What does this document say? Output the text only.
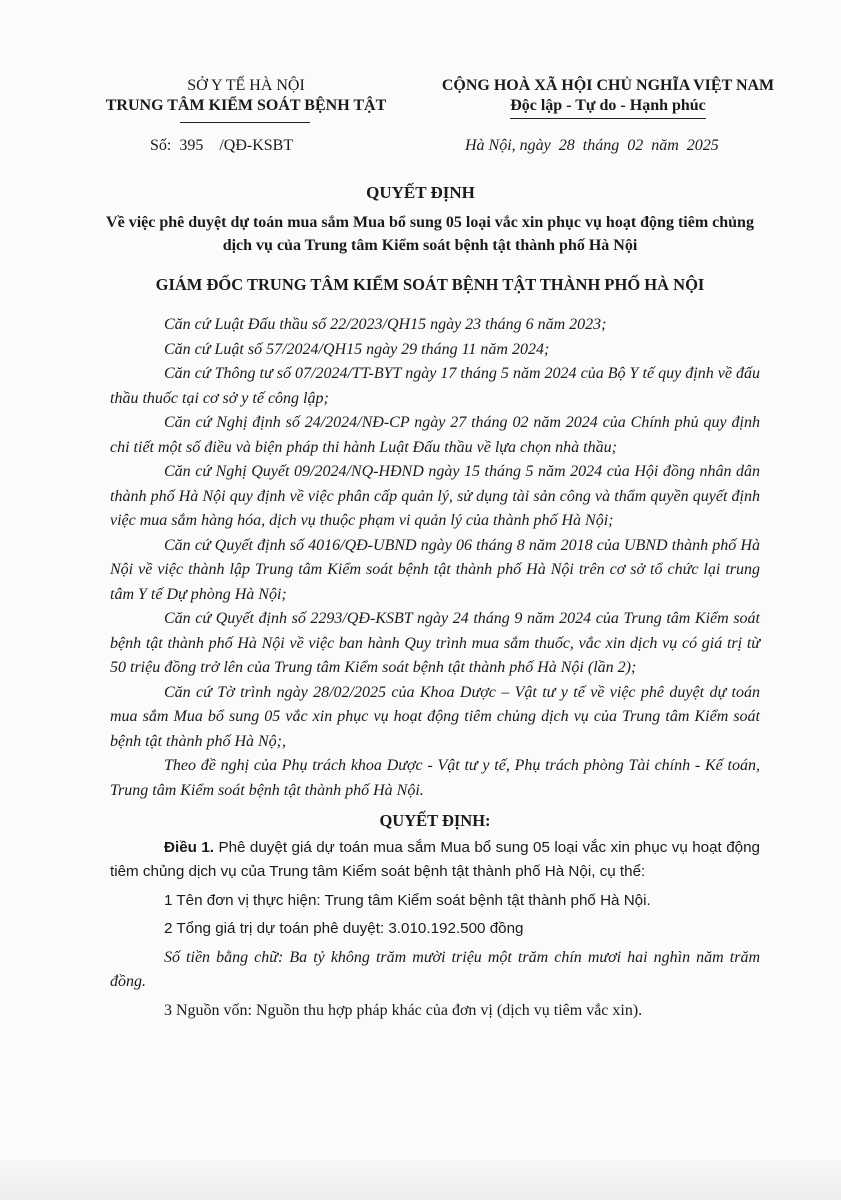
SỞ Y TẾ HÀ NỘI
TRUNG TÂM KIỂM SOÁT BỆNH TẬT
CỘNG HOÀ XÃ HỘI CHỦ NGHĨA VIỆT NAM
Độc lập - Tự do - Hạnh phúc
Số:  395    /QĐ-KSBT	Hà Nội, ngày  28  tháng  02  năm  2025
QUYẾT ĐỊNH
Về việc phê duyệt dự toán mua sắm Mua bổ sung 05 loại vắc xin phục vụ hoạt động tiêm chủng dịch vụ của Trung tâm Kiểm soát bệnh tật thành phố Hà Nội
GIÁM ĐỐC TRUNG TÂM KIỂM SOÁT BỆNH TẬT THÀNH PHỐ HÀ NỘI

Căn cứ Luật Đấu thầu số 22/2023/QH15 ngày 23 tháng 6 năm 2023;

Căn cứ Luật số 57/2024/QH15 ngày 29 tháng 11 năm 2024;

Căn cứ Thông tư số 07/2024/TT-BYT ngày 17 tháng 5 năm 2024 của Bộ Y tế quy định về đấu thầu thuốc tại cơ sở y tế công lập;

Căn cứ Nghị định số 24/2024/NĐ-CP ngày 27 tháng 02 năm 2024 của Chính phủ quy định chi tiết một số điều và biện pháp thi hành Luật Đấu thầu về lựa chọn nhà thầu;

Căn cứ Nghị Quyết 09/2024/NQ-HĐND ngày 15 tháng 5 năm 2024 của Hội đồng nhân dân thành phố Hà Nội quy định về việc phân cấp quản lý, sử dụng tài sản công và thẩm quyền quyết định việc mua sắm hàng hóa, dịch vụ thuộc phạm vi quản lý của thành phố Hà Nội;

Căn cứ Quyết định số 4016/QĐ-UBND ngày 06 tháng 8 năm 2018 của UBND thành phố Hà Nội về việc thành lập Trung tâm Kiểm soát bệnh tật thành phố Hà Nội trên cơ sở tổ chức lại trung tâm Y tế Dự phòng Hà Nội;

Căn cứ Quyết định số 2293/QĐ-KSBT ngày 24 tháng 9 năm 2024 của Trung tâm Kiểm soát bệnh tật thành phố Hà Nội về việc ban hành Quy trình mua sắm thuốc, vắc xin dịch vụ có giá trị từ 50 triệu đồng trở lên của Trung tâm Kiểm soát bệnh tật thành phố Hà Nội (lần 2);

Căn cứ Tờ trình ngày 28/02/2025 của Khoa Dược – Vật tư y tế về việc phê duyệt dự toán mua sắm Mua bổ sung 05 vắc xin phục vụ hoạt động tiêm chủng dịch vụ của Trung tâm Kiểm soát bệnh tật thành phố Hà Nộ;,

Theo đề nghị của Phụ trách khoa Dược - Vật tư y tế, Phụ trách phòng Tài chính - Kế toán, Trung tâm Kiểm soát bệnh tật thành phố Hà Nội.

QUYẾT ĐỊNH:

Điều 1. Phê duyệt giá dự toán mua sắm Mua bổ sung 05 loại vắc xin phục vụ hoạt động tiêm chủng dịch vụ của Trung tâm Kiểm soát bệnh tật thành phố Hà Nội, cụ thể:

1 Tên đơn vị thực hiện: Trung tâm Kiểm soát bệnh tật thành phố Hà Nội.

2 Tổng giá trị dự toán phê duyệt: 3.010.192.500 đồng

Số tiền bằng chữ: Ba tỷ không trăm mười triệu một trăm chín mươi hai nghìn năm trăm đồng.

3 Nguồn vốn: Nguồn thu hợp pháp khác của đơn vị (dịch vụ tiêm vắc xin).
